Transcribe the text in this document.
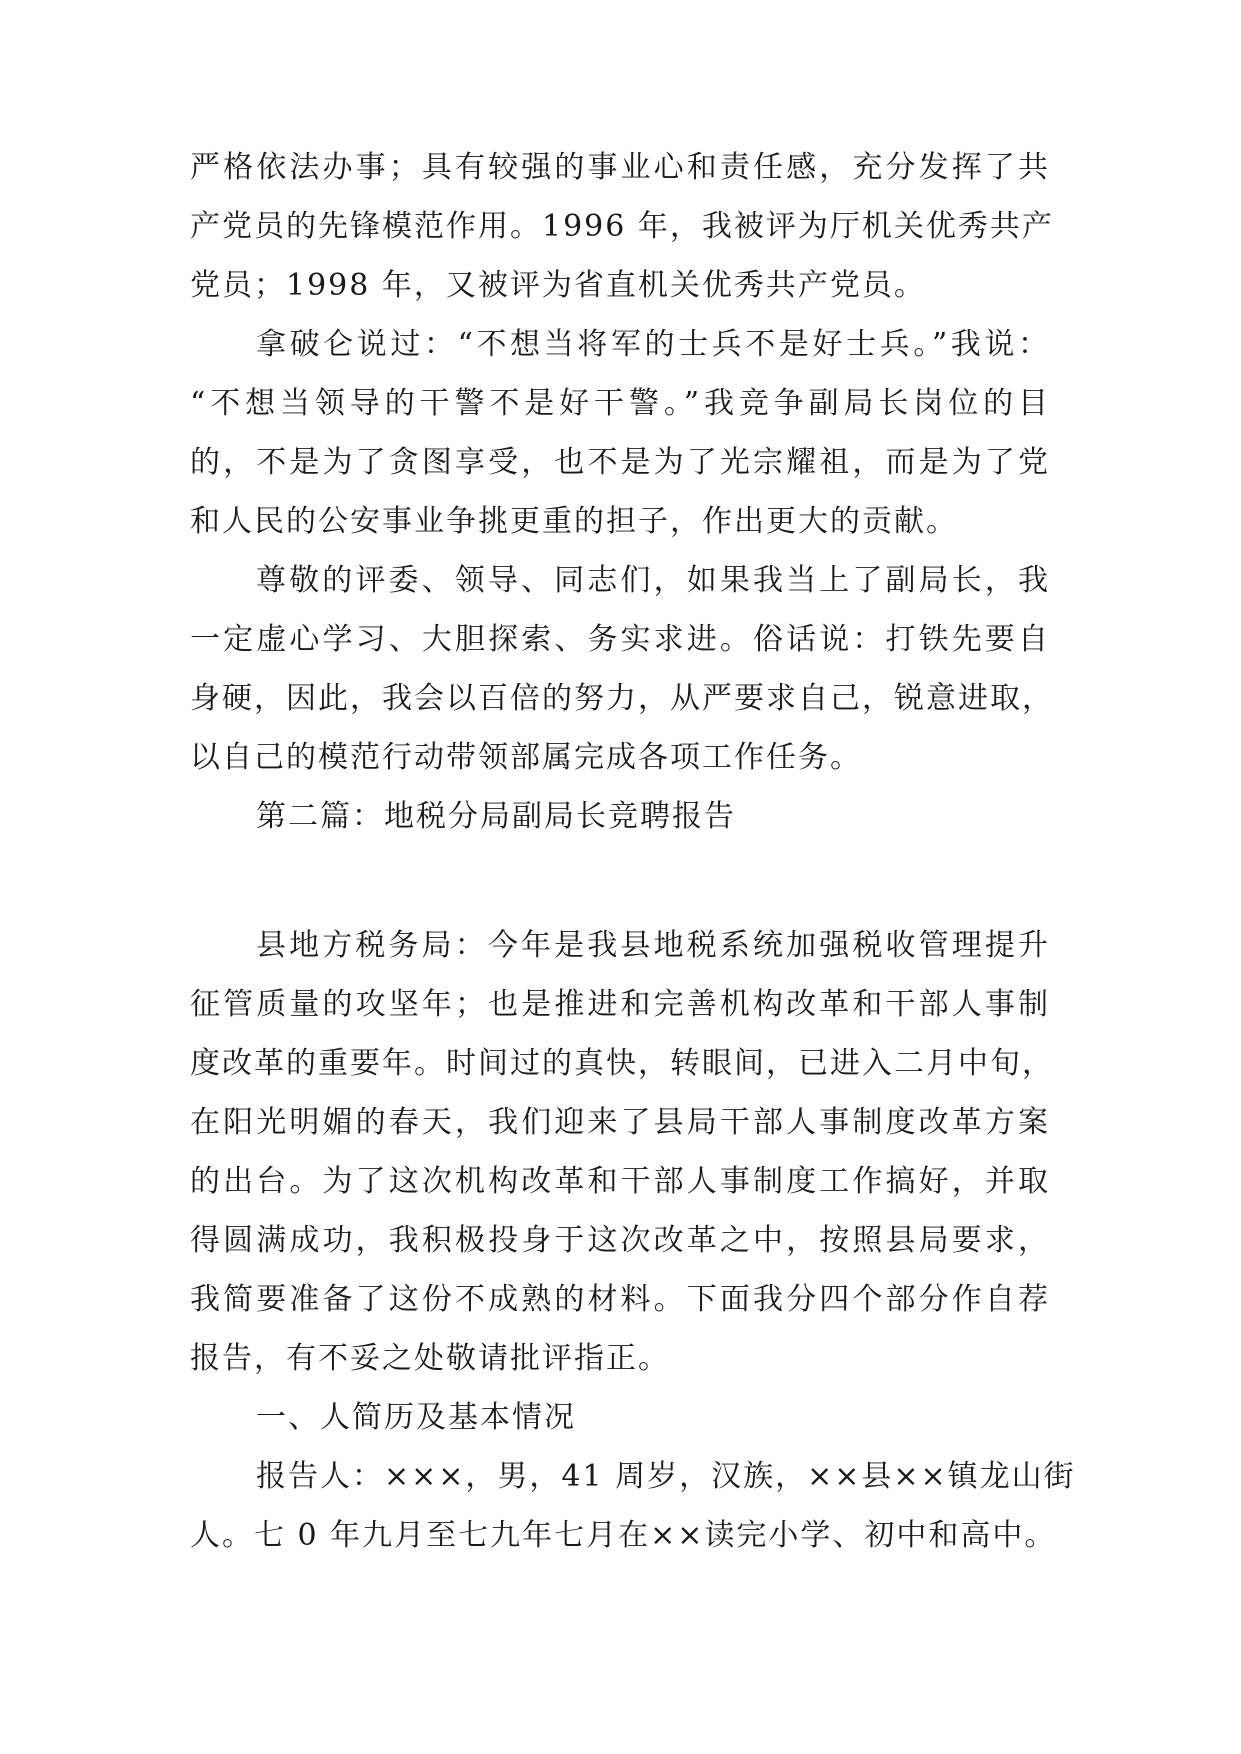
严格依法办事；具有较强的事业心和责任感，充分发挥了共
产党员的先锋模范作用。1996 年，我被评为厅机关优秀共产
党员；1998 年，又被评为省直机关优秀共产党员。
拿破仑说过：“不想当将军的士兵不是好士兵。”我说：
“不想当领导的干警不是好干警。”我竞争副局长岗位的目
的，不是为了贪图享受，也不是为了光宗耀祖，而是为了党
和人民的公安事业争挑更重的担子，作出更大的贡献。
尊敬的评委、领导、同志们，如果我当上了副局长，我
一定虚心学习、大胆探索、务实求进。俗话说：打铁先要自
身硬，因此，我会以百倍的努力，从严要求自己，锐意进取，
以自己的模范行动带领部属完成各项工作任务。
第二篇：地税分局副局长竞聘报告
县地方税务局：今年是我县地税系统加强税收管理提升
征管质量的攻坚年；也是推进和完善机构改革和干部人事制
度改革的重要年。时间过的真快，转眼间，已进入二月中旬，
在阳光明媚的春天，我们迎来了县局干部人事制度改革方案
的出台。为了这次机构改革和干部人事制度工作搞好，并取
得圆满成功，我积极投身于这次改革之中，按照县局要求，
我简要准备了这份不成熟的材料。下面我分四个部分作自荐
报告，有不妥之处敬请批评指正。
一、人简历及基本情况
报告人：×××，男，41 周岁，汉族，××县××镇龙山街
人。七 0 年九月至七九年七月在××读完小学、初中和高中。
